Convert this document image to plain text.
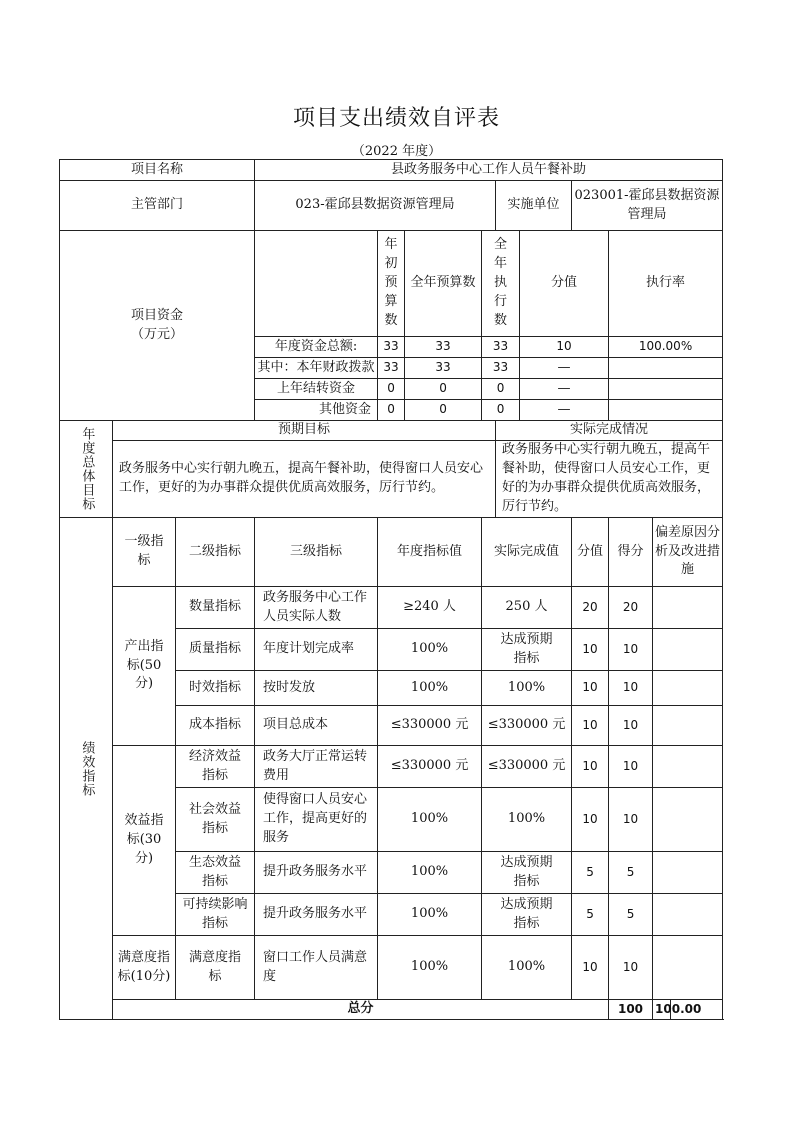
项目支出绩效自评表
（2022 年度）
项目名称			县政务服务中心工作人员午餐补助										
主管部门			023-霍邱县数据资源管理局				实施单位		023001-霍邱县数据资源管理局				
项目资金
（万元）				年初预算数	全年预算数	全年执行数		分值		执行率	
			年度资金总额:	33	33	33		10		100.00%	
			其中：本年财政拨款	33	33	33		—					
			上年结转资金	0	0	0		—					
			其他资金	0	0	0		—					
年度总体目标	预期目标						实际完成情况						
	政务服务中心实行朝九晚五，提高午餐补助，使得窗口人员安心工作，更好的为办事群众提供优质高效服务，厉行节约。						政务服务中心实行朝九晚五，提高午餐补助，使得窗口人员安心工作，更好的为办事群众提供优质高效服务，厉行节约。						
绩效指标	一级指标	二级指标	三级指标	年度指标值		实际完成值			分值	得分	偏差原因分析及改进措施		
	产出指标(50分)	数量指标	政务服务中心工作人员实际人数	≥240 人		250 人			20	20			
		质量指标	年度计划完成率	100%		达成预期指标			10	10			
		时效指标	按时发放	100%		100%			10	10			
		成本指标	项目总成本	≤330000 元		≤330000 元			10	10			
	效益指标(30分)	经济效益指标	政务大厅正常运转费用	≤330000 元		≤330000 元			10	10			
		社会效益指标	使得窗口人员安心工作，提高更好的服务	100%		100%			10	10			
		生态效益指标	提升政务服务水平	100%		达成预期指标			5	5			
		可持续影响指标	提升政务服务水平	100%		达成预期指标			5	5			
	满意度指标(10分)	满意度指标	窗口工作人员满意度	100%		100%			10	10			
	总分									100	100.00		
